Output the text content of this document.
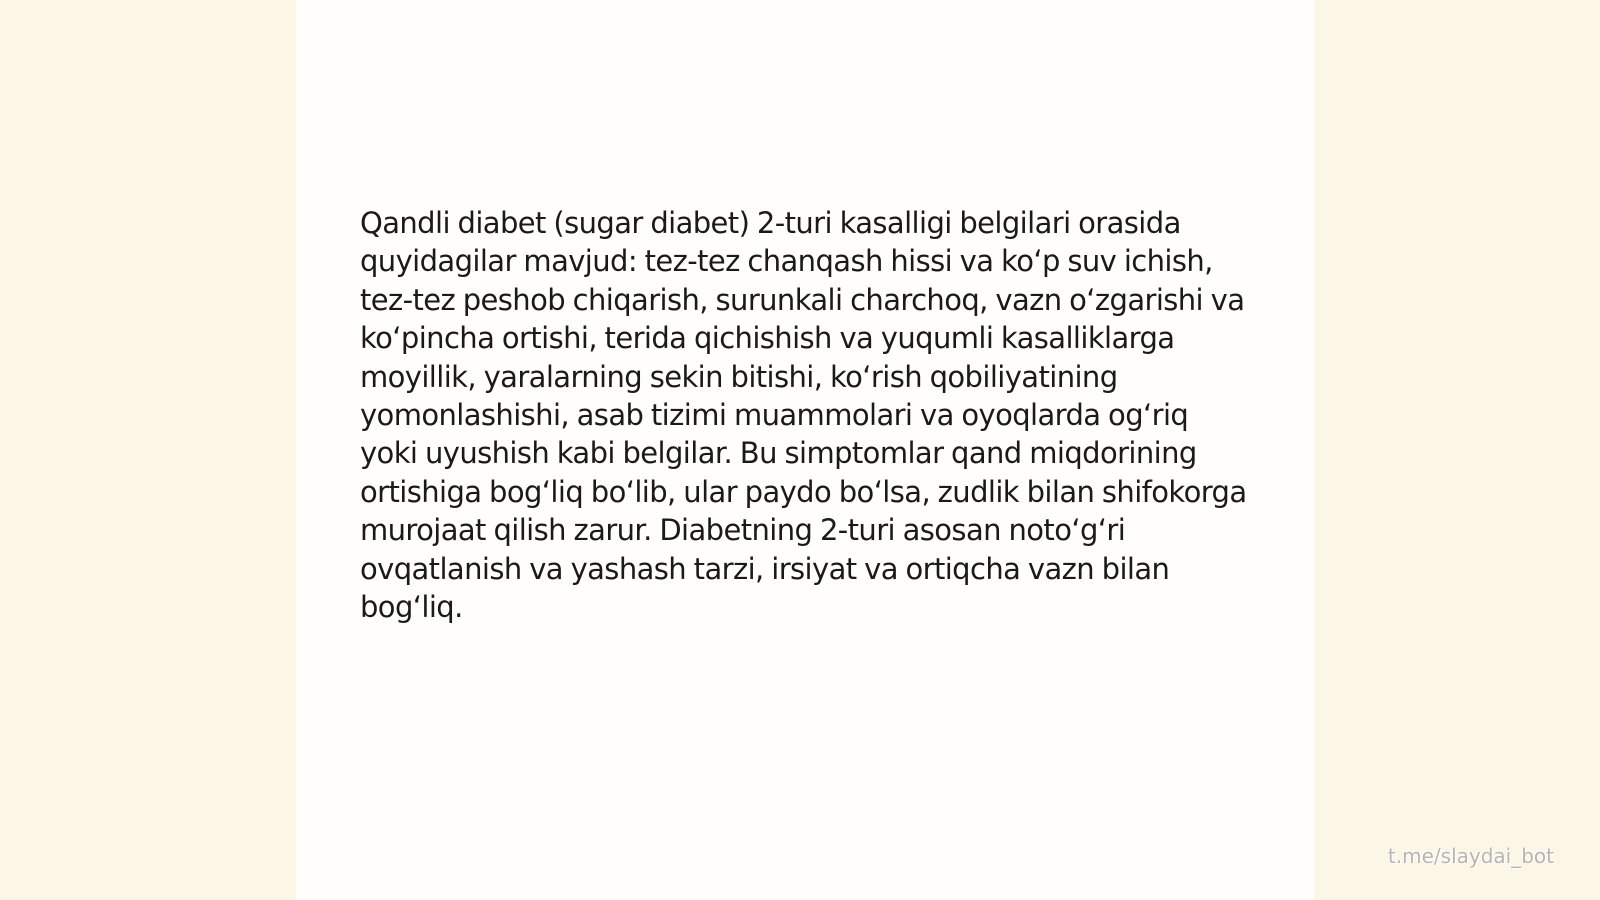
Qandli diabet (sugar diabet) 2-turi kasalligi belgilari orasida quyidagilar mavjud: tez-tez chanqash hissi va ko‘p suv ichish, tez-tez peshob chiqarish, surunkali charchoq, vazn o‘zgarishi va ko‘pincha ortishi, terida qichishish va yuqumli kasalliklarga moyillik, yaralarning sekin bitishi, ko‘rish qobiliyatining yomonlashishi, asab tizimi muammolari va oyoqlarda og‘riq yoki uyushish kabi belgilar. Bu simptomlar qand miqdorining ortishiga bog‘liq bo‘lib, ular paydo bo‘lsa, zudlik bilan shifokorga murojaat qilish zarur. Diabetning 2-turi asosan noto‘g‘ri ovqatlanish va yashash tarzi, irsiyat va ortiqcha vazn bilan bog‘liq.

t.me/slaydai_bot
